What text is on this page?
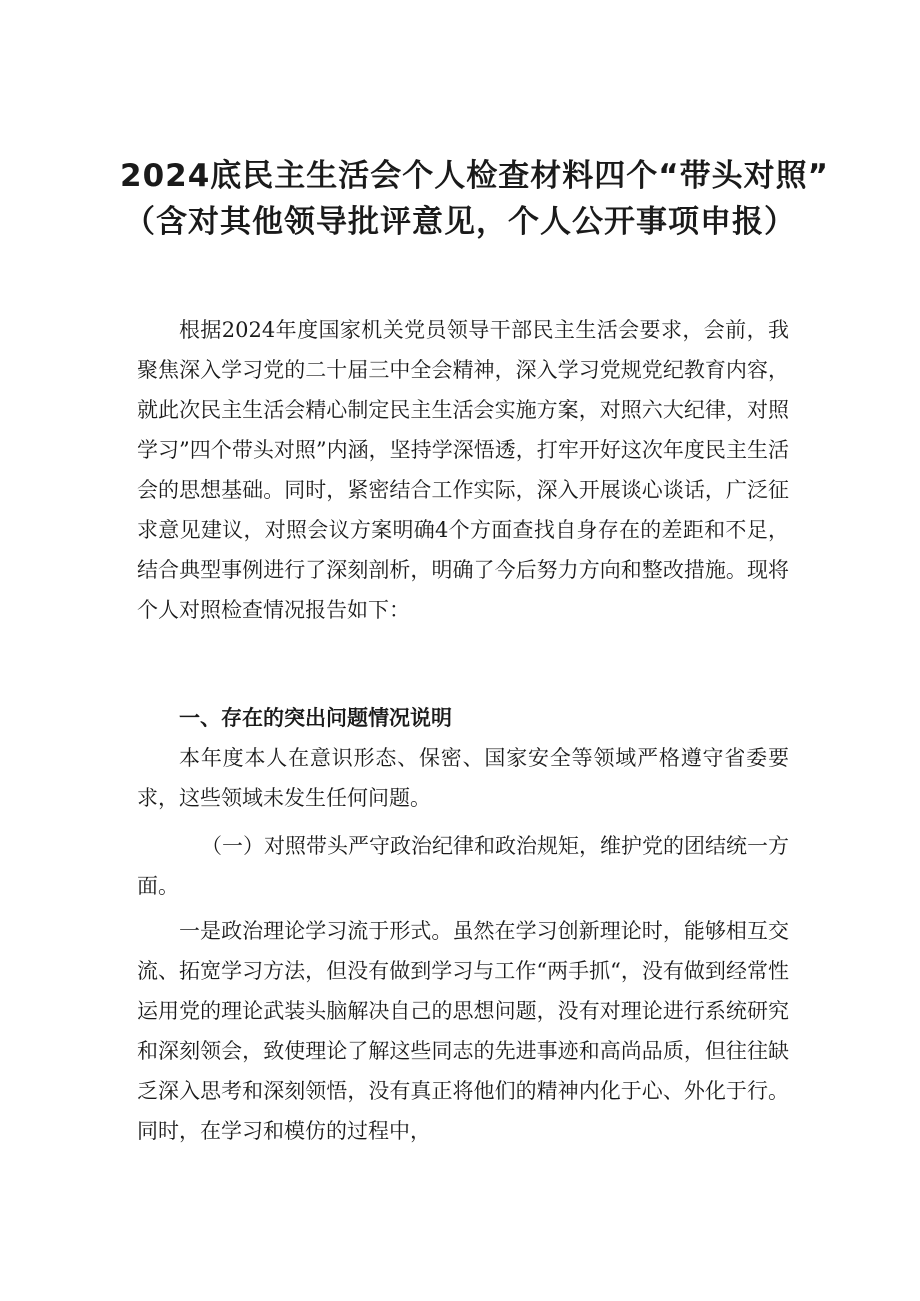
2024底民主生活会个人检查材料四个“带头对照”
（含对其他领导批评意见，个人公开事项申报）

根据2024年度国家机关党员领导干部民主生活会要求，会前，我聚焦深入学习党的二十届三中全会精神，深入学习党规党纪教育内容，就此次民主生活会精心制定民主生活会实施方案，对照六大纪律，对照学习”四个带头对照”内涵，坚持学深悟透，打牢开好这次年度民主生活会的思想基础。同时，紧密结合工作实际，深入开展谈心谈话，广泛征求意见建议，对照会议方案明确4个方面查找自身存在的差距和不足，结合典型事例进行了深刻剖析，明确了今后努力方向和整改措施。现将个人对照检查情况报告如下：

一、存在的突出问题情况说明

本年度本人在意识形态、保密、国家安全等领域严格遵守省委要求，这些领域未发生任何问题。

（一）对照带头严守政治纪律和政治规矩，维护党的团结统一方面。

一是政治理论学习流于形式。虽然在学习创新理论时，能够相互交流、拓宽学习方法，但没有做到学习与工作“两手抓“，没有做到经常性运用党的理论武装头脑解决自己的思想问题，没有对理论进行系统研究和深刻领会，致使理论了解这些同志的先进事迹和高尚品质，但往往缺乏深入思考和深刻领悟，没有真正将他们的精神内化于心、外化于行。同时，在学习和模仿的过程中，
